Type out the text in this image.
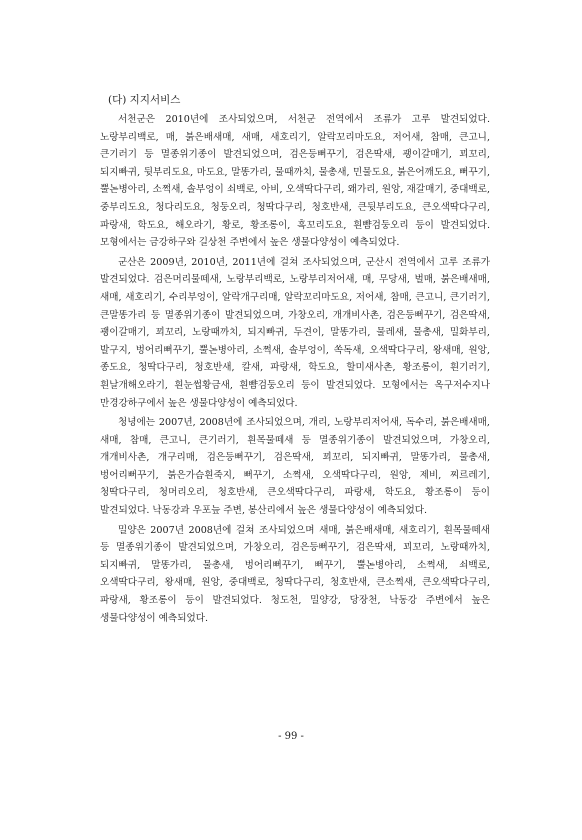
(다) 지지서비스

서천군은 2010년에 조사되었으며, 서천군 전역에서 조류가 고루 발견되었다. 노랑부리백로, 매, 붉은배새매, 새매, 새호리기, 알락꼬리마도요, 저어새, 참매, 큰고니, 큰기러기 등 멸종위기종이 발견되었으며, 검은등뻐꾸기, 검은딱새, 괭이갈매기, 꾀꼬리, 되지빠귀, 뒷부리도요, 마도요, 말똥가리, 물때까치, 물총새, 민물도요, 붉은어깨도요, 뻐꾸기, 뿔논병아리, 소쩍새, 솔부엉이 쇠백로, 아비, 오색딱다구리, 왜가리, 원앙, 재갈매기, 중대백로, 중부리도요, 청다리도요, 청둥오리, 청딱다구리, 청호반새, 큰뒷부리도요, 큰오색딱다구리, 파랑새, 학도요, 해오라기, 황로, 황조롱이, 흑꼬리도요, 흰뺨검둥오리 등이 발견되었다. 모형에서는 금강하구와 길상천 주변에서 높은 생물다양성이 예측되었다.

군산은 2009년, 2010년, 2011년에 걸쳐 조사되었으며, 군산시 전역에서 고루 조류가 발견되었다. 검은머리물떼새, 노랑부리백로, 노랑부리저어새, 매, 무당새, 벌매, 붉은배새매, 새매, 새호리기, 수리부엉이, 알락개구리매, 알락꼬리마도요, 저어새, 참매, 큰고니, 큰기러기, 큰말똥가리 등 멸종위기종이 발견되었으며, 가창오리, 개개비사촌, 검은등뻐꾸기, 검은딱새, 괭이갈매기, 꾀꼬리, 노랑때까치, 되지빠귀, 두견이, 말똥가리, 물레새, 물총새, 밀화부리, 발구지, 벙어리뻐꾸기, 뿔논병아리, 소쩍새, 솔부엉이, 쏙독새, 오색딱다구리, 왕새매, 원앙, 종도요, 청딱다구리, 청호반새, 칼새, 파랑새, 학도요, 할미새사촌, 황조롱이, 흰기러기, 흰날개해오라기, 흰눈썹황금새, 흰뺨검둥오리 등이 발견되었다. 모형에서는 옥구저수지나 만경강하구에서 높은 생물다양성이 예측되었다.

청녕에는 2007년, 2008년에 조사되었으며, 개리, 노랑부리저어새, 독수리, 붉은배새매, 새매, 참매, 큰고니, 큰기러기, 흰목물떼새 등 멸종위기종이 발견되었으며, 가창오리, 개개비사촌, 개구리매, 검은등뻐꾸기, 검은딱새, 꾀꼬리, 되지빠귀, 말똥가리, 물총새, 벙어리뻐꾸기, 붉은가슴흰죽지, 뻐꾸기, 소쩍새, 오색딱다구리, 원앙, 제비, 찌르레기, 청딱다구리, 청머리오리, 청호반새, 큰오색딱다구리, 파랑새, 학도요, 황조롱이 등이 발견되었다. 낙동강과 우포늪 주변, 봉산리에서 높은 생물다양성이 예측되었다.

밀양은 2007년 2008년에 걸쳐 조사되었으며 새매, 붉은배새매, 새호리기, 흰목물떼새 등 멸종위기종이 발견되었으며, 가창오리, 검은등뻐꾸기, 검은딱새, 꾀꼬리, 노랑때까치, 되지빠귀, 말똥가리, 물총새, 벙어리뻐꾸기, 뻐꾸기, 뿔논병아리, 소쩍새, 쇠백로, 오색딱다구리, 왕새매, 원앙, 중대백로, 청딱다구리, 청호반새, 큰소쩍새, 큰오색딱다구리, 파랑새, 황조롱이 등이 발견되었다. 청도천, 밀양강, 당장천, 낙동강 주변에서 높은 생물다양성이 예측되었다.

- 99 -
